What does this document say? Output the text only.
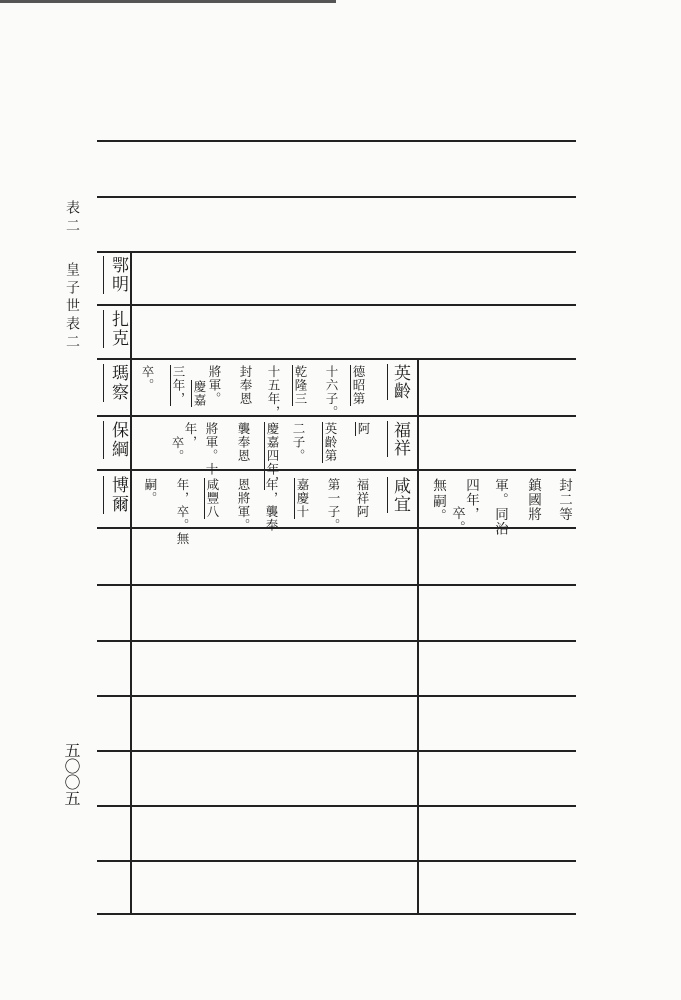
表二
皇子世表二
五〇〇五
鄂明
扎克
瑪察
保綱
博爾
英齡
德昭第
十六子。
乾隆三
十五年，
封奉恩
將軍。
慶嘉
三年，
卒。
福祥
阿
英齡第
二子。
慶嘉四年，
襲奉恩
將軍。十
年，
卒。
咸宜
福祥阿
第一子。
嘉慶十
年，襲奉
恩將軍。
咸豐八
年，卒。無
嗣。	封二等
鎮國將
軍。同治
四年，
卒。
無
嗣。
